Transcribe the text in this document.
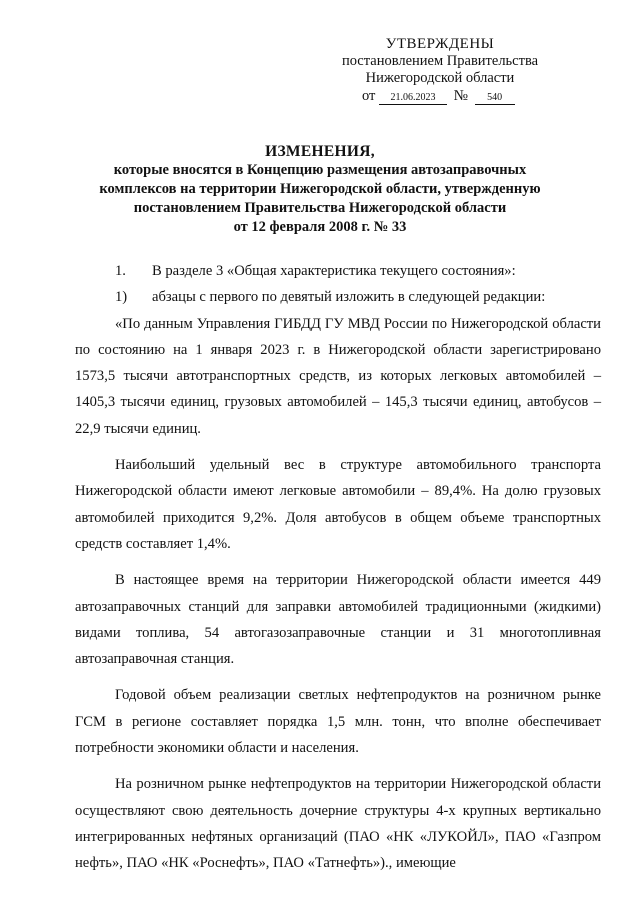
УТВЕРЖДЕНЫ
постановлением Правительства
Нижегородской области
от 21.06.2023 № 540
ИЗМЕНЕНИЯ,
которые вносятся в Концепцию размещения автозаправочных
комплексов на территории Нижегородской области, утвержденную
постановлением Правительства Нижегородской области
от 12 февраля 2008 г. № 33

1.	В разделе 3 «Общая характеристика текущего состояния»:

1)	абзацы с первого по девятый изложить в следующей редакции:

«По данным Управления ГИБДД ГУ МВД России по Нижегородской области по состоянию на 1 января 2023 г. в Нижегородской области зарегистрировано 1573,5 тысячи автотранспортных средств, из которых легковых автомобилей – 1405,3 тысячи единиц, грузовых автомобилей – 145,3 тысячи единиц, автобусов – 22,9 тысячи единиц.

Наибольший удельный вес в структуре автомобильного транспорта Нижегородской области имеют легковые автомобили – 89,4%. На долю грузовых автомобилей приходится 9,2%. Доля автобусов в общем объеме транспортных средств составляет 1,4%.

В настоящее время на территории Нижегородской области имеется 449 автозаправочных станций для заправки автомобилей традиционными (жидкими) видами топлива, 54 автогазозаправочные станции и 31 многотопливная автозаправочная станция.

Годовой объем реализации светлых нефтепродуктов на розничном рынке ГСМ в регионе составляет порядка 1,5 млн. тонн, что вполне обеспечивает потребности экономики области и населения.

На розничном рынке нефтепродуктов на территории Нижегородской области осуществляют свою деятельность дочерние структуры 4-х крупных вертикально интегрированных нефтяных организаций (ПАО «НК «ЛУКОЙЛ», ПАО «Газпром нефть», ПАО «НК «Роснефть», ПАО «Татнефть»)., имеющие
